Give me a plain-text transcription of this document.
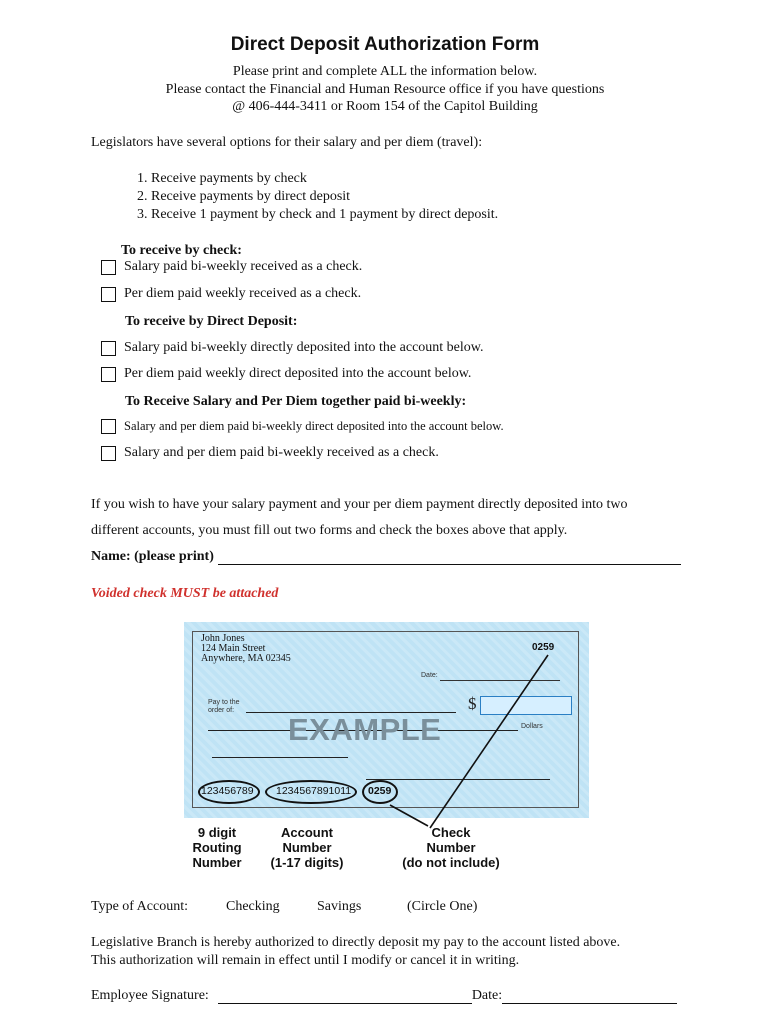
Direct Deposit Authorization Form
Please print and complete ALL the information below.
Please contact the Financial and Human Resource office if you have questions
@ 406-444-3411 or Room 154 of the Capitol Building
Legislators have several options for their salary and per diem (travel):
1. Receive payments by check
2. Receive payments by direct deposit
3. Receive 1 payment by check and 1 payment by direct deposit.
To receive by check:
Salary paid bi-weekly received as a check.
Per diem paid weekly received as a check.
To receive by Direct Deposit:
Salary paid bi-weekly directly deposited into the account below.
Per diem paid weekly direct deposited into the account below.
To Receive Salary and Per Diem together paid bi-weekly:
Salary and per diem paid bi-weekly direct deposited into the account below.
Salary and per diem paid bi-weekly received as a check.
If you wish to have your salary payment and your per diem payment directly deposited into two
different accounts, you must fill out two forms and check the boxes above that apply.
Name: (please print)
Voided check MUST be attached
John Jones
124 Main Street
Anywhere, MA 02345
0259
Date:
Pay to the
order of:	$
Dollars
EXAMPLE
123456789 1234567891011 0259
9 digit
Routing
Number
Account
Number
(1-17 digits)
Check
Number
(do not include)
Type of Account:	Checking	Savings	(Circle One)
Legislative Branch is hereby authorized to directly deposit my pay to the account listed above.
This authorization will remain in effect until I modify or cancel it in writing.
Employee Signature:	Date:
